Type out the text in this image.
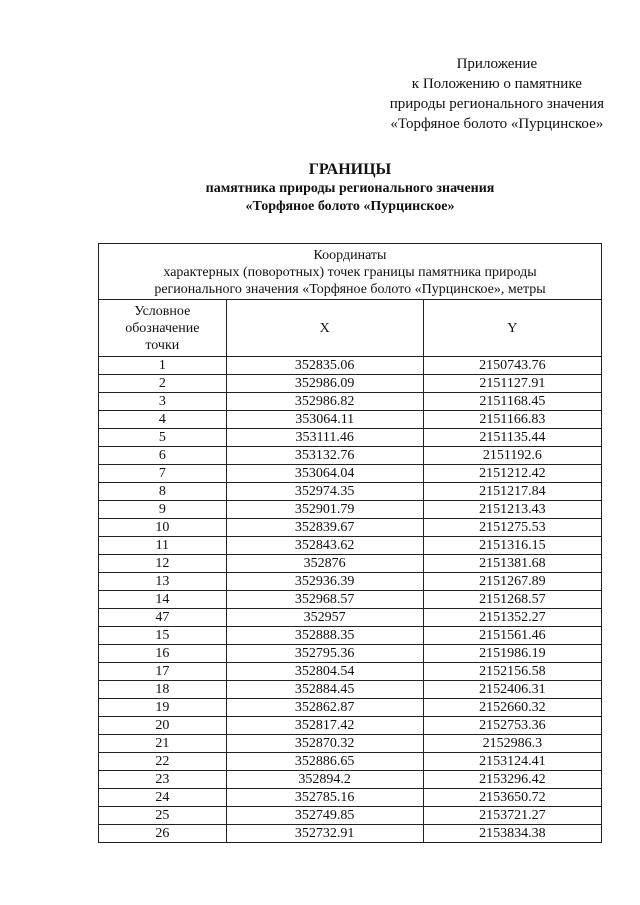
Приложение
к Положению о памятнике
природы регионального значения
«Торфяное болото «Пурцинское»
ГРАНИЦЫ
памятника природы регионального значения
«Торфяное болото «Пурцинское»
Координаты
характерных (поворотных) точек границы памятника природы
регионального значения «Торфяное болото «Пурцинское», метры		

Условное
обозначение
точки	X	Y
1	352835.06	2150743.76
2	352986.09	2151127.91
3	352986.82	2151168.45
4	353064.11	2151166.83
5	353111.46	2151135.44
6	353132.76	2151192.6
7	353064.04	2151212.42
8	352974.35	2151217.84
9	352901.79	2151213.43
10	352839.67	2151275.53
11	352843.62	2151316.15
12	352876	2151381.68
13	352936.39	2151267.89
14	352968.57	2151268.57
47	352957	2151352.27
15	352888.35	2151561.46
16	352795.36	2151986.19
17	352804.54	2152156.58
18	352884.45	2152406.31
19	352862.87	2152660.32
20	352817.42	2152753.36
21	352870.32	2152986.3
22	352886.65	2153124.41
23	352894.2	2153296.42
24	352785.16	2153650.72
25	352749.85	2153721.27
26	352732.91	2153834.38
